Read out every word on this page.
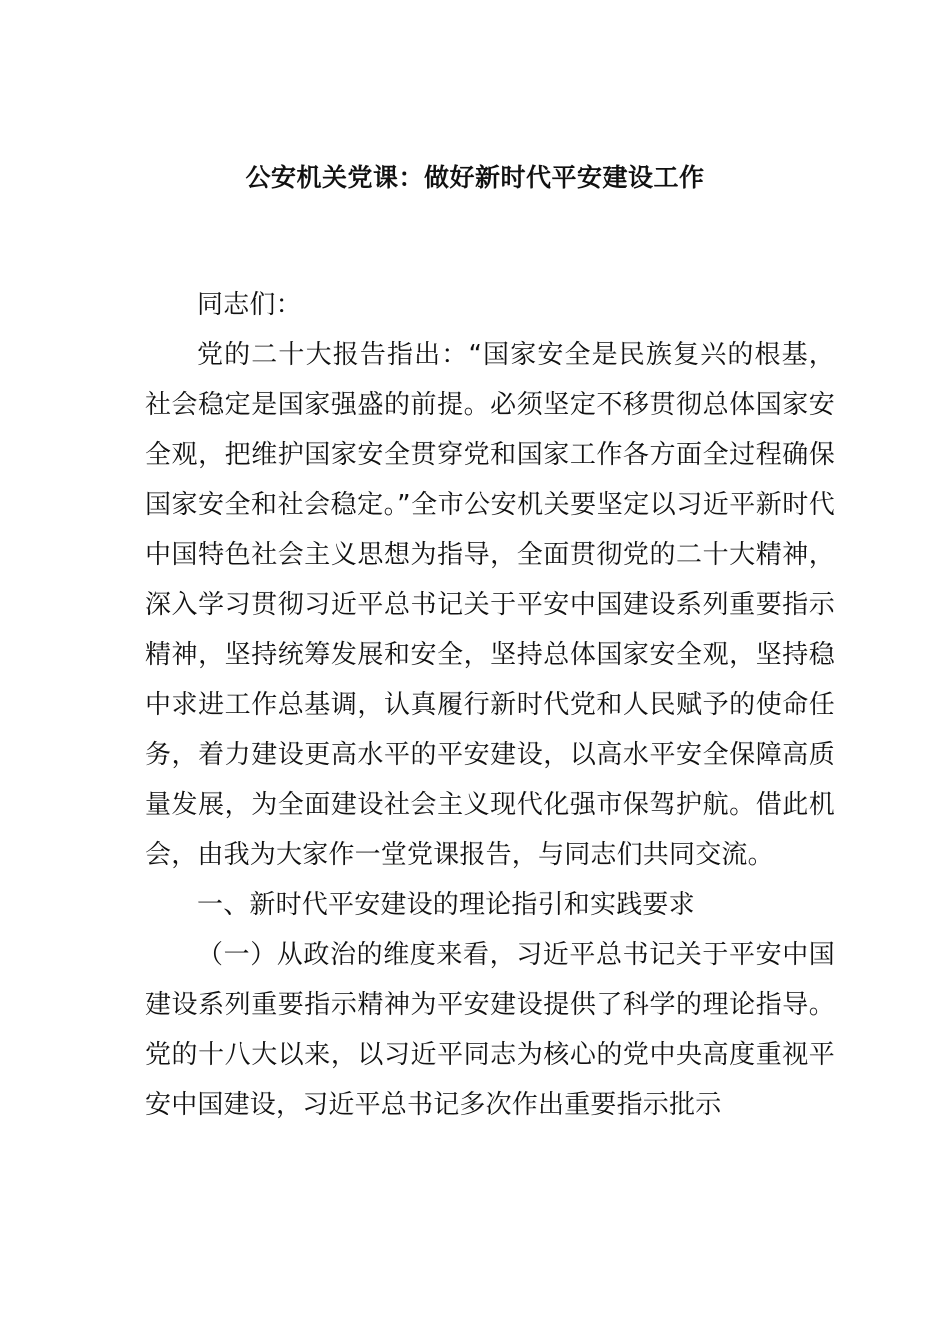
公安机关党课：做好新时代平安建设工作

同志们：

党的二十大报告指出：“国家安全是民族复兴的根基，社会稳定是国家强盛的前提。必须坚定不移贯彻总体国家安全观，把维护国家安全贯穿党和国家工作各方面全过程确保国家安全和社会稳定。”全市公安机关要坚定以习近平新时代中国特色社会主义思想为指导，全面贯彻党的二十大精神，深入学习贯彻习近平总书记关于平安中国建设系列重要指示精神，坚持统筹发展和安全，坚持总体国家安全观，坚持稳中求进工作总基调，认真履行新时代党和人民赋予的使命任务，着力建设更高水平的平安建设，以高水平安全保障高质量发展，为全面建设社会主义现代化强市保驾护航。借此机会，由我为大家作一堂党课报告，与同志们共同交流。

一、新时代平安建设的理论指引和实践要求

（一）从政治的维度来看，习近平总书记关于平安中国建设系列重要指示精神为平安建设提供了科学的理论指导。党的十八大以来，以习近平同志为核心的党中央高度重视平安中国建设，习近平总书记多次作出重要指示批示
